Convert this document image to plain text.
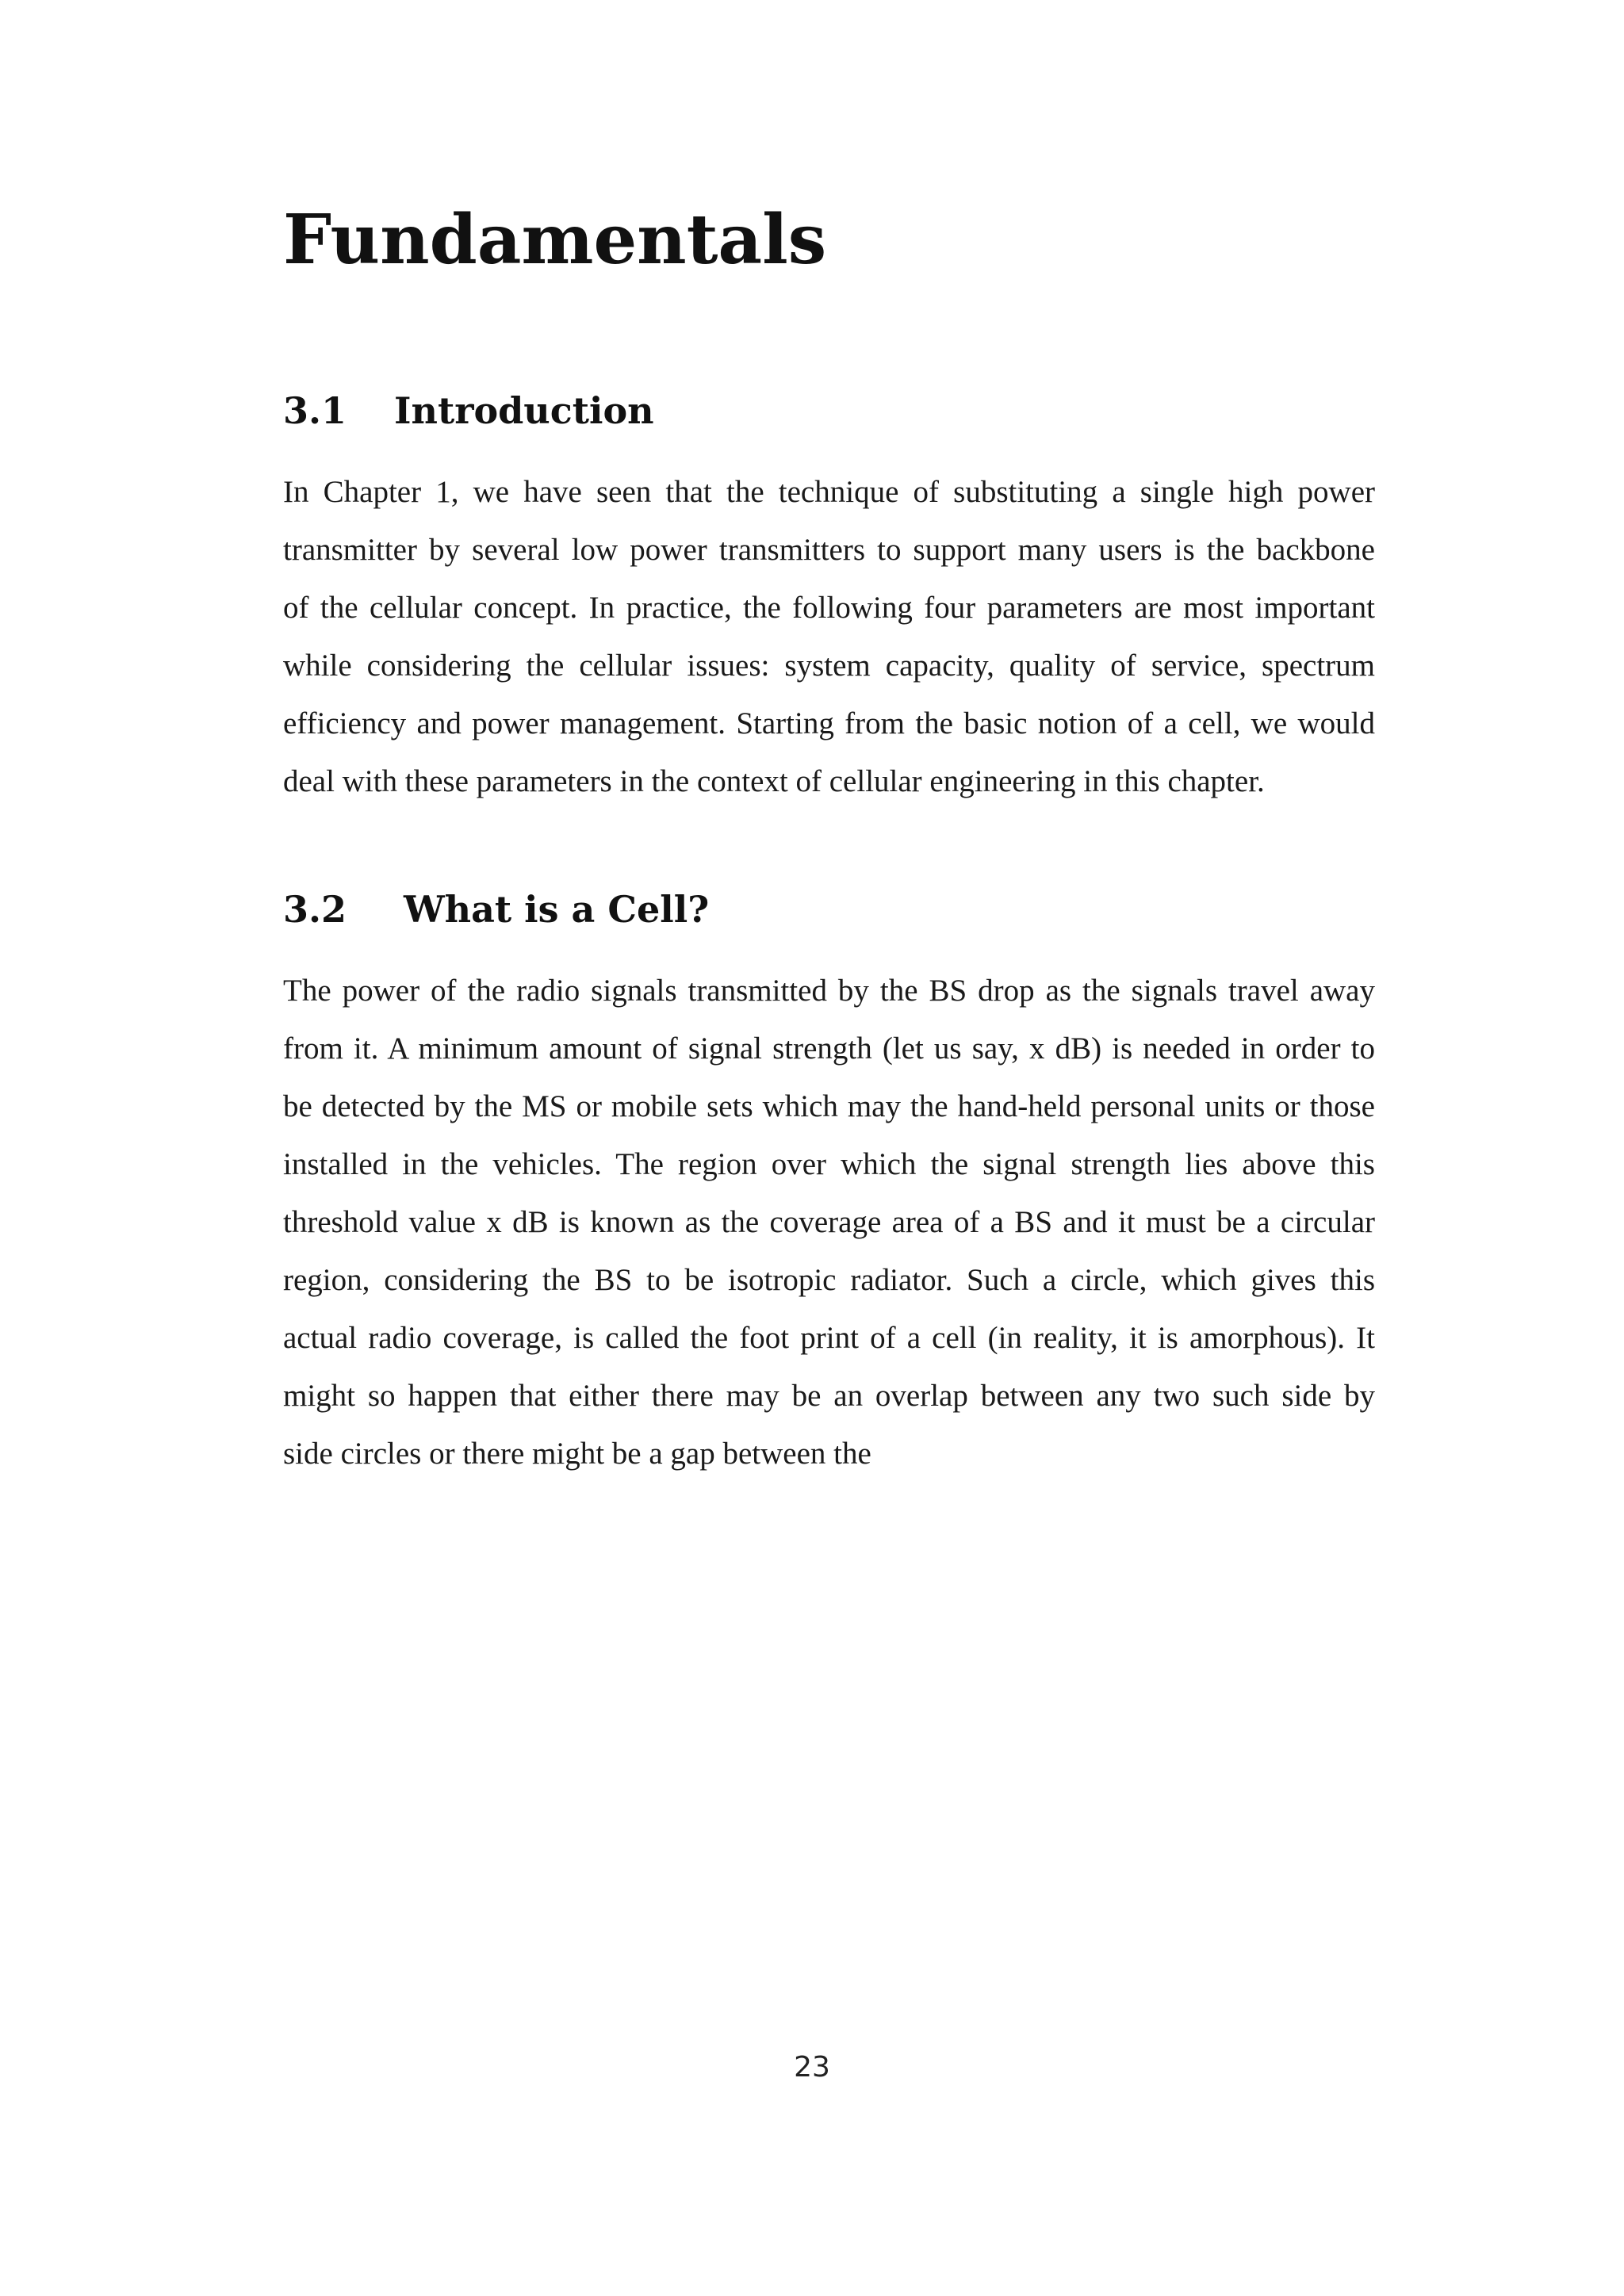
Fundamentals
3.1 Introduction
In Chapter 1, we have seen that the technique of substituting a single high power
transmitter by several low power transmitters to support many users is the backbone
of the cellular concept. In practice, the following four parameters are most important
while considering the cellular issues: system capacity, quality of service, spectrum
efficiency and power management. Starting from the basic notion of a cell, we would
deal with these parameters in the context of cellular engineering in this chapter.
3.2 What is a Cell?
The power of the radio signals transmitted by the BS drop as the signals travel away
from it. A minimum amount of signal strength (let us say, x dB) is needed in order to
be detected by the MS or mobile sets which may the hand-held personal units or those
installed in the vehicles. The region over which the signal strength lies above this
threshold value x dB is known as the coverage area of a BS and it must be a circular
region, considering the BS to be isotropic radiator. Such a circle, which gives this
actual radio coverage, is called the foot print of a cell (in reality, it is amorphous). It
might so happen that either there may be an overlap between any two such side by
side circles or there might be a gap between the
23
